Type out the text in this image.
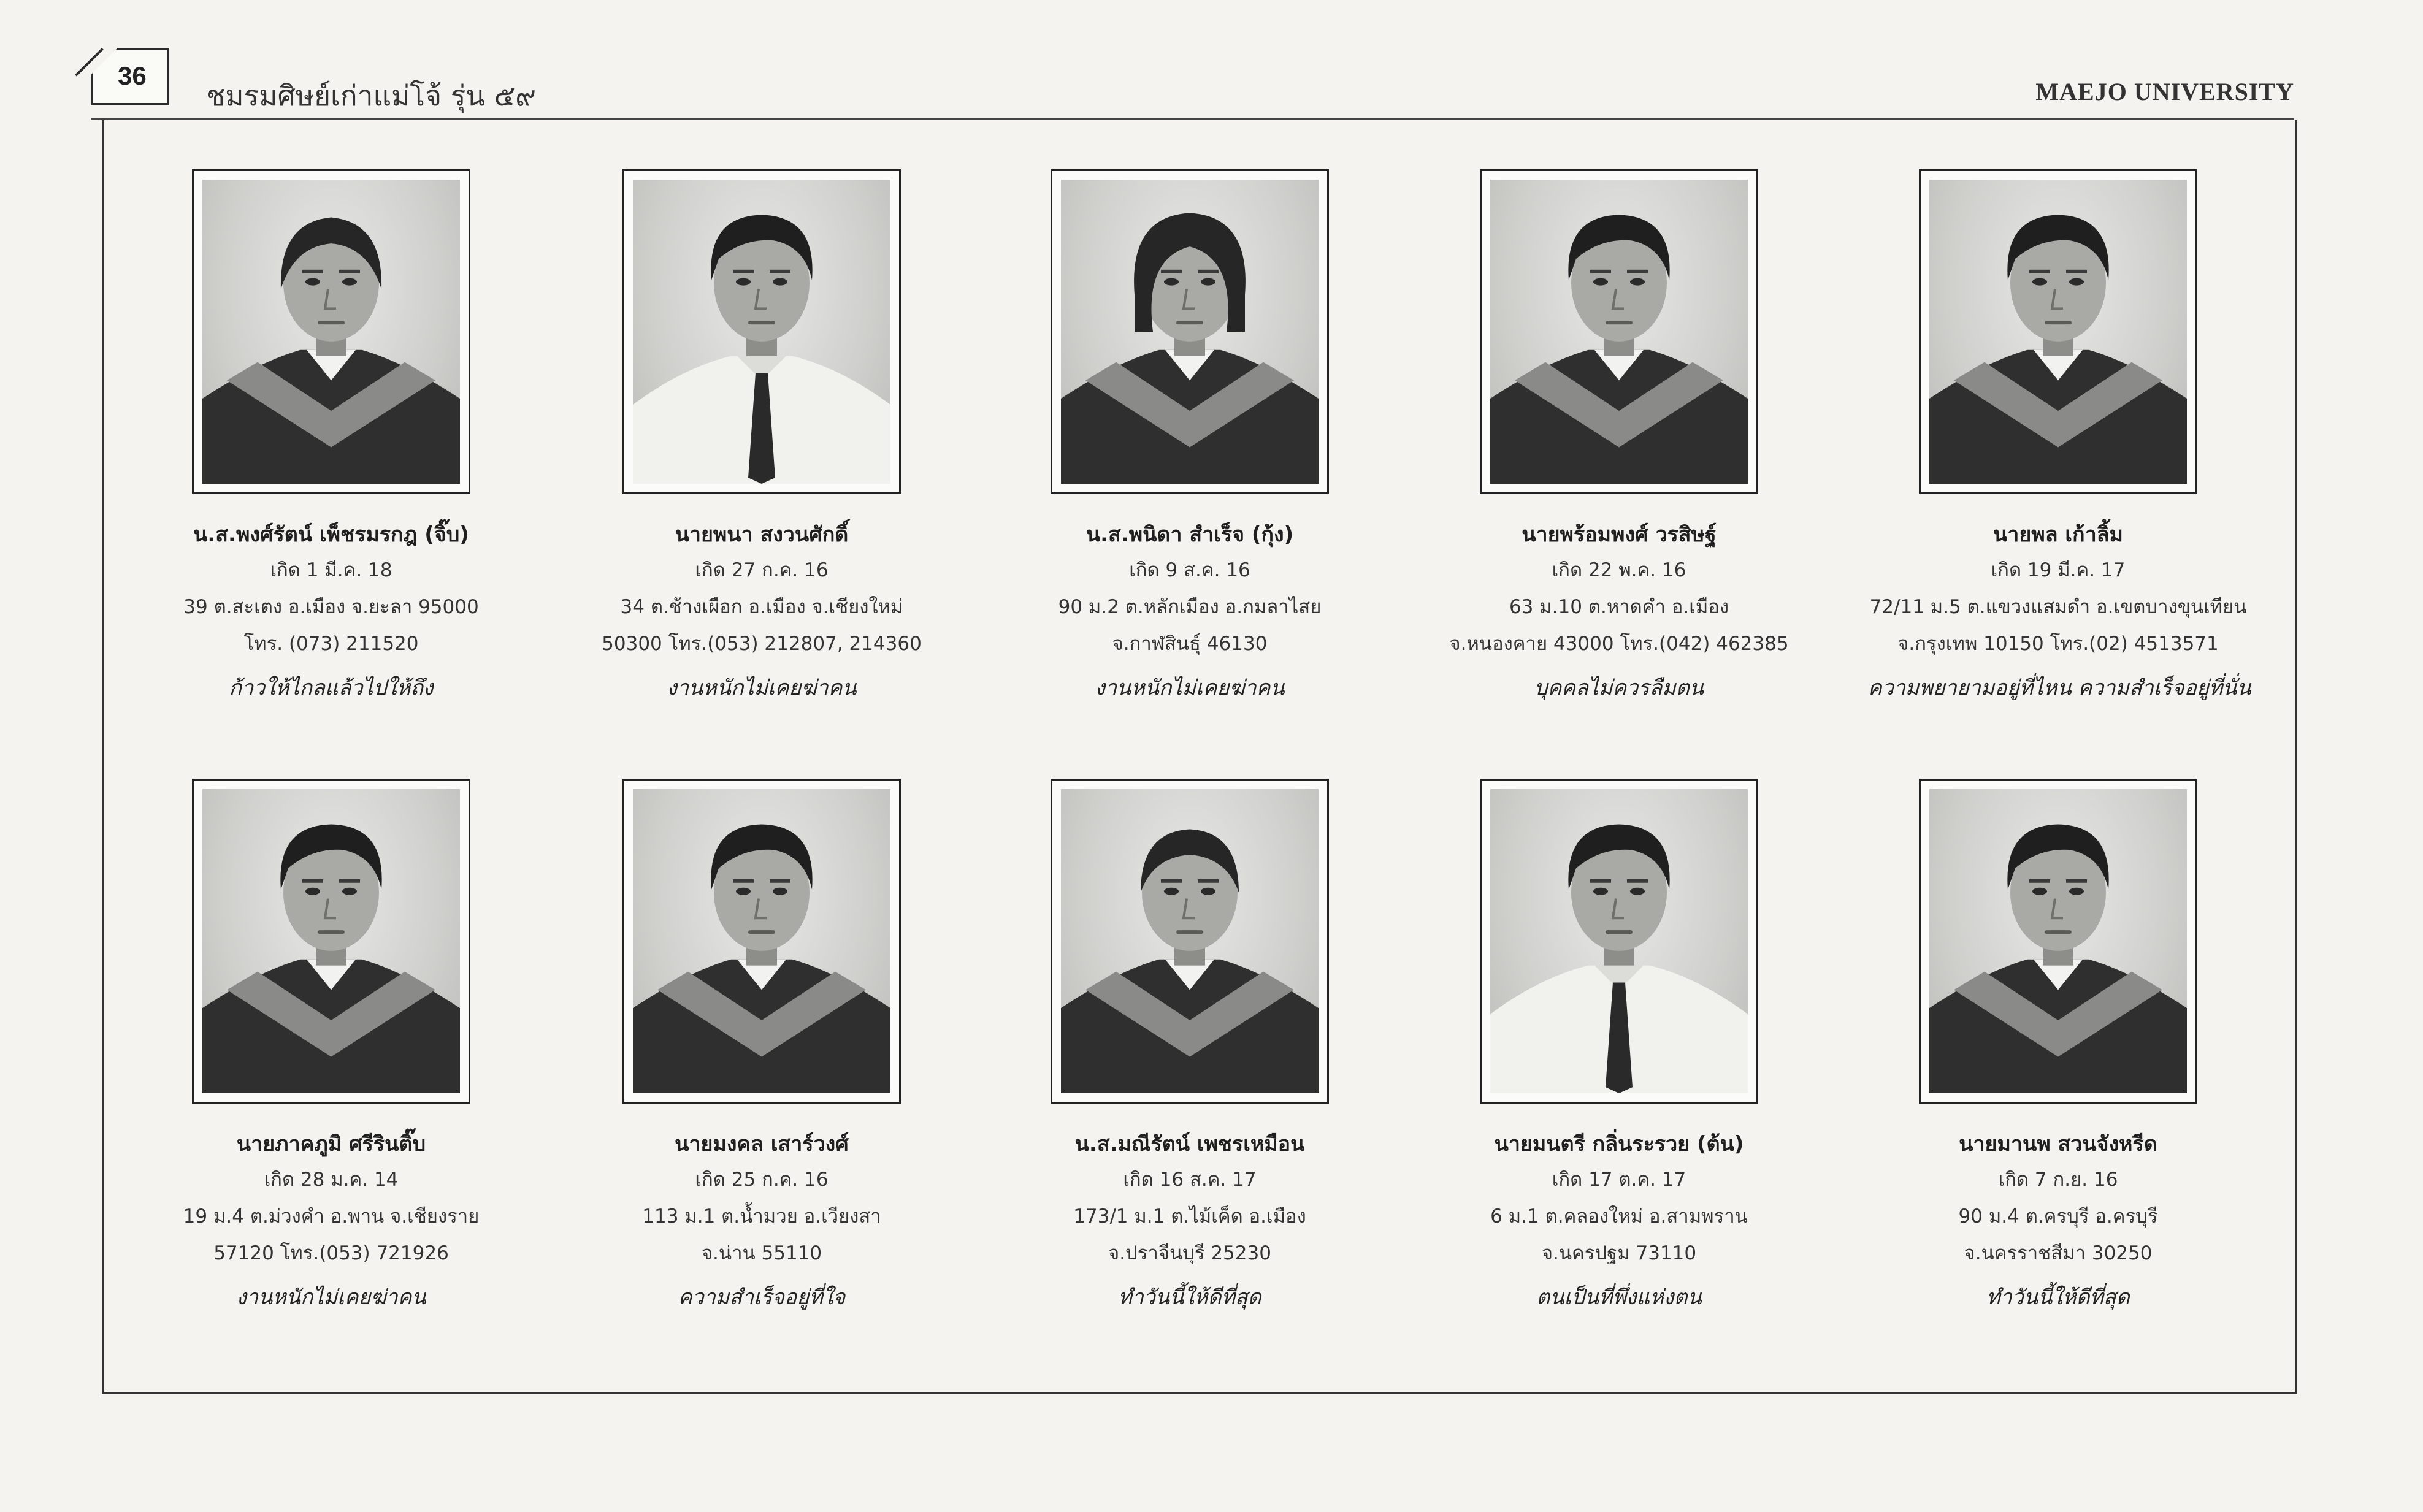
36
ชมรมศิษย์เก่าแม่โจ้ รุ่น ๕๙	MAEJO UNIVERSITY
น.ส.พงศ์รัตน์ เพ็ชรมรกฎ (จิ๊บ)
เกิด 1 มี.ค. 18
39 ต.สะเตง อ.เมือง จ.ยะลา 95000
โทร. (073) 211520
ก้าวให้ไกลแล้วไปให้ถึง
นายพนา สงวนศักดิ์
เกิด 27 ก.ค. 16
34 ต.ช้างเผือก อ.เมือง จ.เชียงใหม่
50300 โทร.(053) 212807, 214360
งานหนักไม่เคยฆ่าคน
น.ส.พนิดา สำเร็จ (กุ้ง)
เกิด 9 ส.ค. 16
90 ม.2 ต.หลักเมือง อ.กมลาไสย
จ.กาฬสินธุ์ 46130
งานหนักไม่เคยฆ่าคน
นายพร้อมพงศ์ วรสิษฐ์
เกิด 22 พ.ค. 16
63 ม.10 ต.หาดคำ อ.เมือง
จ.หนองคาย 43000 โทร.(042) 462385
บุคคลไม่ควรลืมตน
นายพล เก้าลิ้ม
เกิด 19 มี.ค. 17
72/11 ม.5 ต.แขวงแสมดำ อ.เขตบางขุนเทียน
จ.กรุงเทพ 10150 โทร.(02) 4513571
ความพยายามอยู่ที่ไหน ความสำเร็จอยู่ที่นั่น
นายภาคภูมิ ศรีรินติ๊บ
เกิด 28 ม.ค. 14
19 ม.4 ต.ม่วงคำ อ.พาน จ.เชียงราย
57120 โทร.(053) 721926
งานหนักไม่เคยฆ่าคน
นายมงคล เสาร์วงศ์
เกิด 25 ก.ค. 16
113 ม.1 ต.น้ำมวย อ.เวียงสา
จ.น่าน 55110
ความสำเร็จอยู่ที่ใจ
น.ส.มณีรัตน์ เพชรเหมือน
เกิด 16 ส.ค. 17
173/1 ม.1 ต.ไม้เค็ด อ.เมือง
จ.ปราจีนบุรี 25230
ทำวันนี้ให้ดีที่สุด
นายมนตรี กลิ่นระรวย (ต้น)
เกิด 17 ต.ค. 17
6 ม.1 ต.คลองใหม่ อ.สามพราน
จ.นครปฐม 73110
ตนเป็นที่พึ่งแห่งตน
นายมานพ สวนจังหรีด
เกิด 7 ก.ย. 16
90 ม.4 ต.ครบุรี อ.ครบุรี
จ.นครราชสีมา 30250
ทำวันนี้ให้ดีที่สุด
